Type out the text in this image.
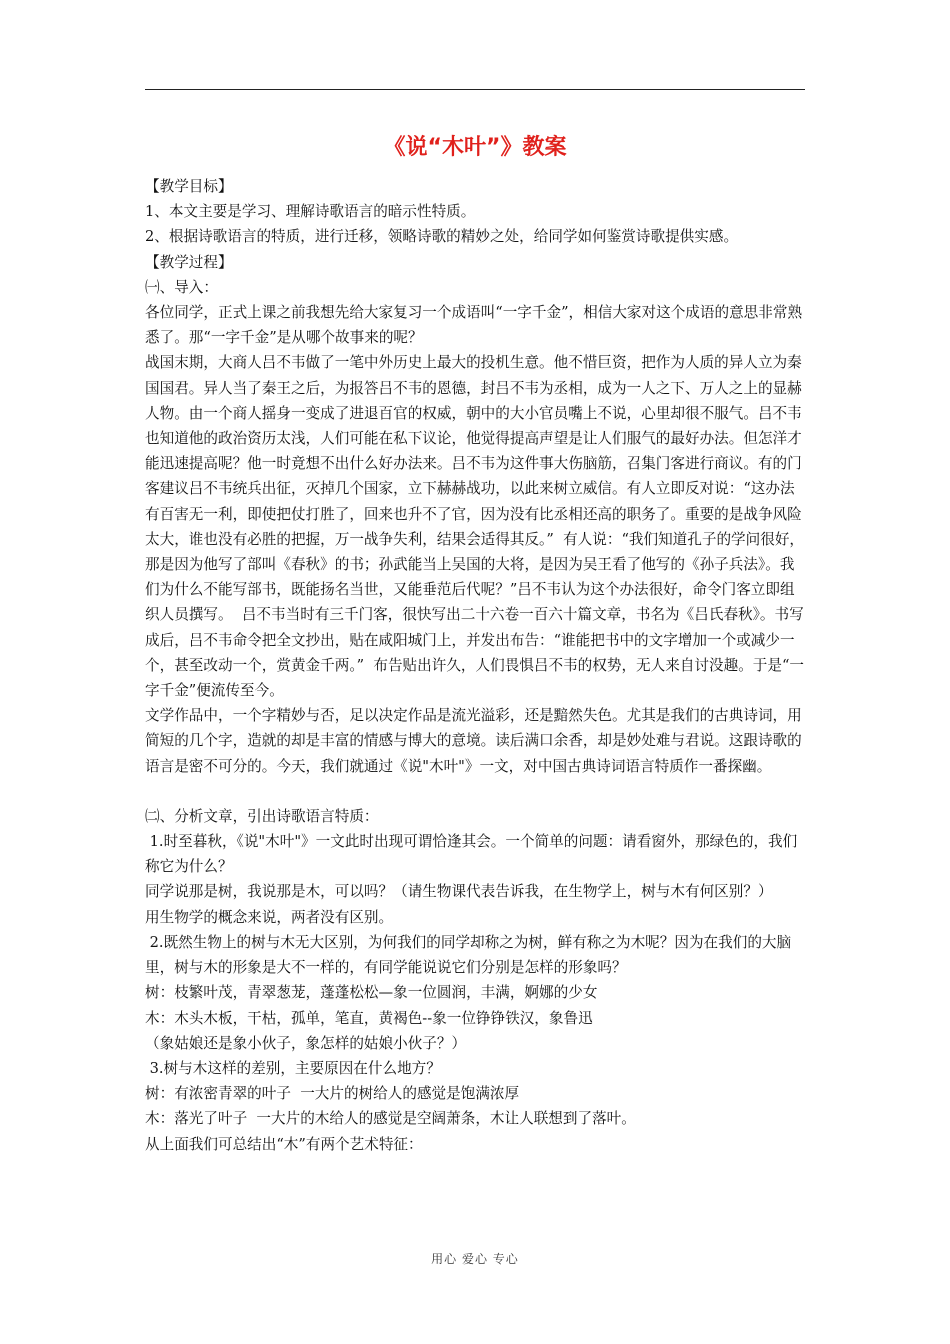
《说“木叶”》教案

【教学目标】

1、本文主要是学习、理解诗歌语言的暗示性特质。

2、根据诗歌语言的特质，进行迁移，领略诗歌的精妙之处，给同学如何鉴赏诗歌提供实感。

【教学过程】

㈠、导入：

各位同学，正式上课之前我想先给大家复习一个成语叫“一字千金”，相信大家对这个成语的意思非常熟悉了。那“一字千金”是从哪个故事来的呢？

战国末期，大商人吕不韦做了一笔中外历史上最大的投机生意。他不惜巨资，把作为人质的异人立为秦国国君。异人当了秦王之后，为报答吕不韦的恩德，封吕不韦为丞相，成为一人之下、万人之上的显赫人物。由一个商人摇身一变成了进退百官的权威，朝中的大小官员嘴上不说，心里却很不服气。吕不韦也知道他的政治资历太浅，人们可能在私下议论，他觉得提高声望是让人们服气的最好办法。但怎洋才能迅速提高呢？他一时竟想不出什么好办法来。吕不韦为这件事大伤脑筋，召集门客进行商议。有的门客建议吕不韦统兵出征，灭掉几个国家，立下赫赫战功，以此来树立威信。有人立即反对说：“这办法有百害无一利，即使把仗打胜了，回来也升不了官，因为没有比丞相还高的职务了。重要的是战争风险太大，谁也没有必胜的把握，万一战争失利，结果会适得其反。”  有人说：“我们知道孔子的学问很好，那是因为他写了部叫《春秋》的书；孙武能当上吴国的大将，是因为吴王看了他写的《孙子兵法》。我们为什么不能写部书，既能扬名当世，又能垂范后代呢？”吕不韦认为这个办法很好，命令门客立即组织人员撰写。  吕不韦当时有三千门客，很快写出二十六卷一百六十篇文章，书名为《吕氏春秋》。书写成后，吕不韦命令把全文抄出，贴在咸阳城门上，并发出布告：“谁能把书中的文字增加一个或减少一个，甚至改动一个，赏黄金千两。”  布告贴出许久，人们畏惧吕不韦的权势，无人来自讨没趣。于是“一字千金”便流传至今。

文学作品中，一个字精妙与否，足以决定作品是流光溢彩，还是黯然失色。尤其是我们的古典诗词，用简短的几个字，造就的却是丰富的情感与博大的意境。读后满口余香，却是妙处难与君说。这跟诗歌的语言是密不可分的。今天，我们就通过《说"木叶"》一文，对中国古典诗词语言特质作一番探幽。

㈡、分析文章，引出诗歌语言特质：

1.时至暮秋，《说"木叶"》一文此时出现可谓恰逢其会。一个简单的问题：请看窗外，那绿色的，我们称它为什么？

同学说那是树，我说那是木，可以吗？（请生物课代表告诉我，在生物学上，树与木有何区别？）

用生物学的概念来说，两者没有区别。

2.既然生物上的树与木无大区别，为何我们的同学却称之为树，鲜有称之为木呢？因为在我们的大脑里，树与木的形象是大不一样的，有同学能说说它们分别是怎样的形象吗？

树：枝繁叶茂，青翠葱茏，蓬蓬松松—象一位圆润，丰满，婀娜的少女

木：木头木板，干枯，孤单，笔直，黄褐色--象一位铮铮铁汉，象鲁迅

（象姑娘还是象小伙子，象怎样的姑娘小伙子？）

3.树与木这样的差别，主要原因在什么地方？

树：有浓密青翠的叶子  一大片的树给人的感觉是饱满浓厚

木：落光了叶子  一大片的木给人的感觉是空阔萧条，木让人联想到了落叶。

从上面我们可总结出“木”有两个艺术特征：

用心 爱心 专心
